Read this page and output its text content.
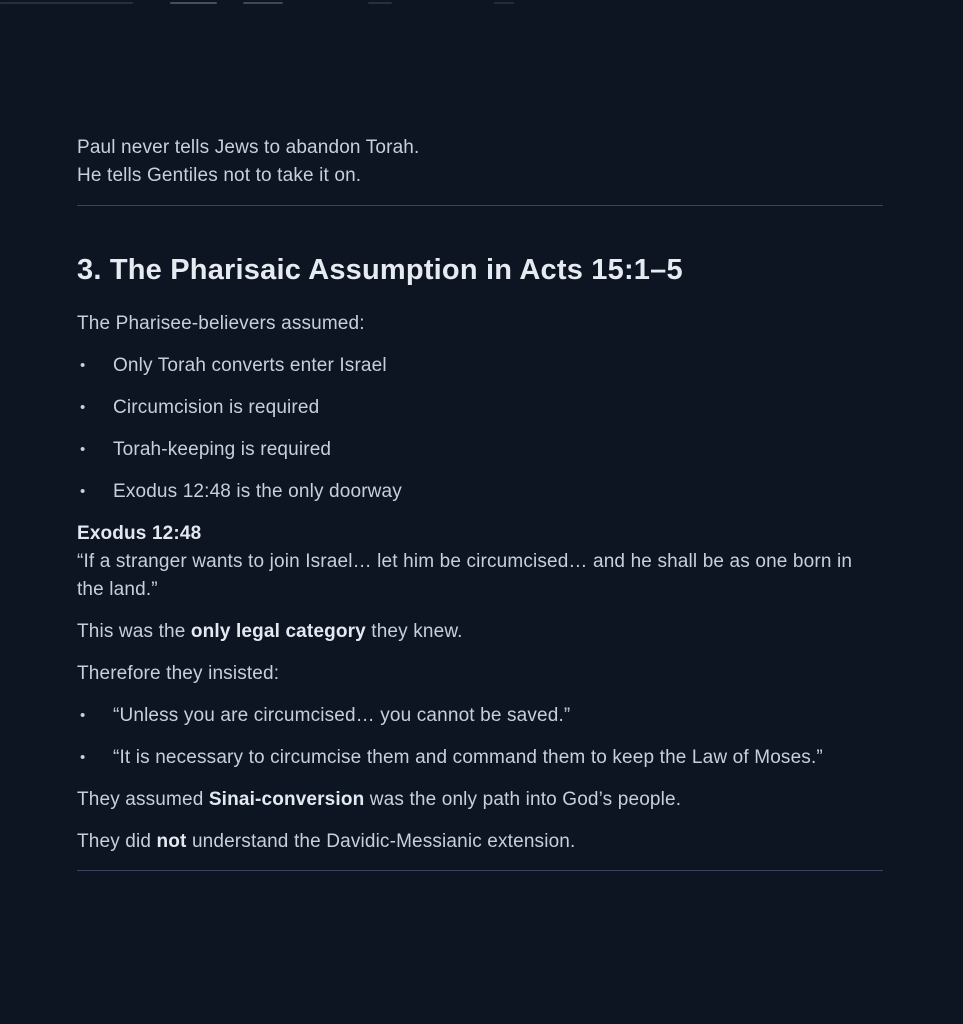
Paul never tells Jews to abandon Torah.
He tells Gentiles not to take it on.

3. The Pharisaic Assumption in Acts 15:1–5

The Pharisee-believers assumed:

• Only Torah converts enter Israel
• Circumcision is required
• Torah-keeping is required
• Exodus 12:48 is the only doorway

Exodus 12:48
“If a stranger wants to join Israel… let him be circumcised… and he shall be as one born in the land.”

This was the only legal category they knew.

Therefore they insisted:

• “Unless you are circumcised… you cannot be saved.”
• “It is necessary to circumcise them and command them to keep the Law of Moses.”

They assumed Sinai-conversion was the only path into God’s people.

They did not understand the Davidic-Messianic extension.
